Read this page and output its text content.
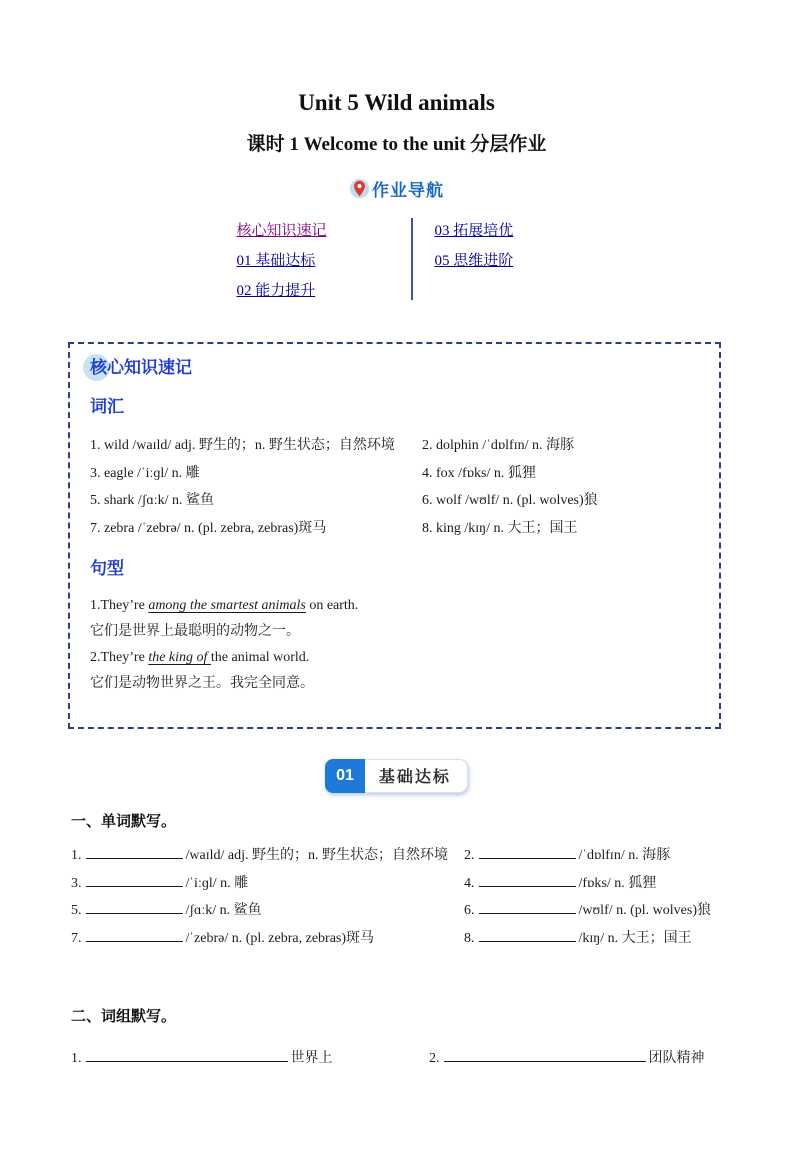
Unit 5 Wild animals
课时 1 Welcome to the unit 分层作业
作业导航
核心知识速记
01 基础达标
02 能力提升
03 拓展培优
05 思维进阶
核心知识速记
词汇
1. wild /waɪld/ adj. 野生的；n. 野生状态；自然环境	2. dolphin /ˈdɒlfɪn/ n. 海豚
3. eagle /ˈiːɡl/ n. 雕	4. fox /fɒks/ n. 狐狸
5. shark /ʃɑːk/ n. 鲨鱼	6. wolf /wʊlf/ n. (pl. wolves)狼
7. zebra /ˈzebrə/ n. (pl. zebra, zebras)斑马	8. king /kɪŋ/ n. 大王；国王
句型

1.They’re among the smartest animals on earth.

它们是世界上最聪明的动物之一。

2.They’re the king of the animal world.

它们是动物世界之王。我完全同意。

01	基础达标
一、单词默写。
1.	/waɪld/ adj. 野生的；n. 野生状态；自然环境	2.	/ˈdɒlfɪn/ n. 海豚
3.	/ˈiːɡl/ n. 雕	4.	/fɒks/ n. 狐狸
5.	/ʃɑːk/ n. 鲨鱼	6.	/wʊlf/ n. (pl. wolves)狼
7.	/ˈzebrə/ n. (pl. zebra, zebras)斑马	8.	/kɪŋ/ n. 大王；国王
二、词组默写。
1.	世界上	2.	团队精神
